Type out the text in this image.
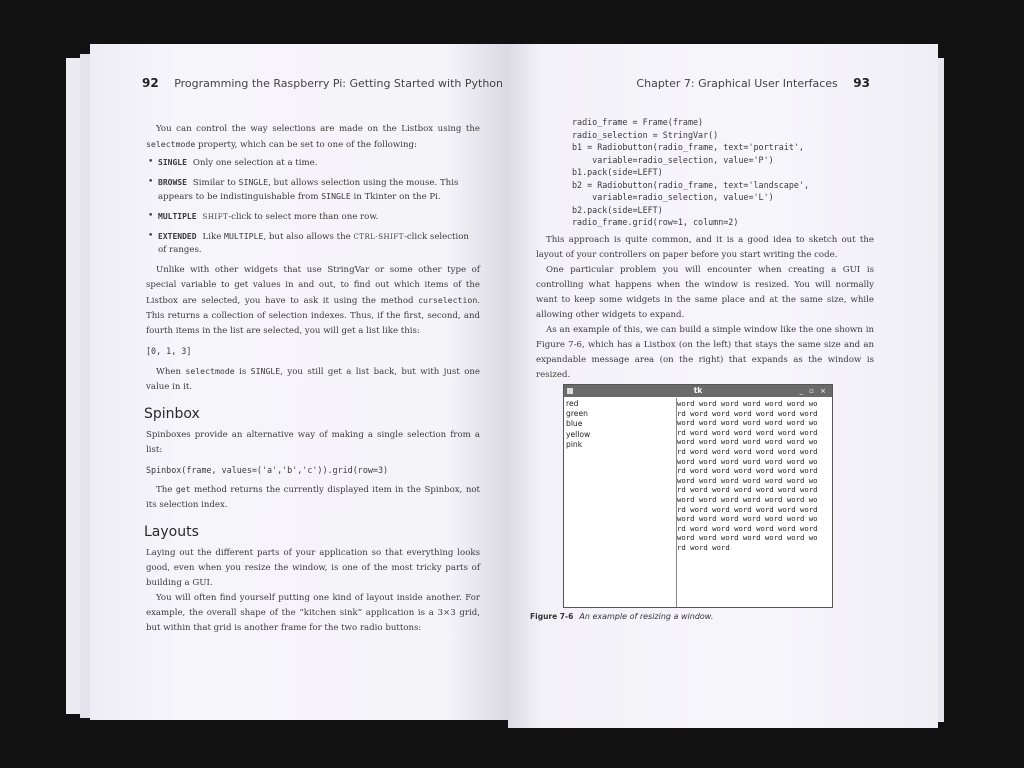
92 Programming the Raspberry Pi: Getting Started with Python

You can control the way selections are made on the Listbox using the selectmode property, which can be set to one of the following:

• SINGLE Only one selection at a time.
• BROWSE Similar to SINGLE, but allows selection using the mouse. This appears to be indistinguishable from SINGLE in Tkinter on the Pi.
• MULTIPLE SHIFT-click to select more than one row.
• EXTENDED Like MULTIPLE, but also allows the CTRL-SHIFT-click selection of ranges.

Unlike with other widgets that use StringVar or some other type of special variable to get values in and out, to find out which items of the Listbox are selected, you have to ask it using the method curselection. This returns a collection of selection indexes. Thus, if the first, second, and fourth items in the list are selected, you will get a list like this:

[0, 1, 3]

When selectmode is SINGLE, you still get a list back, but with just one value in it.

Spinbox

Spinboxes provide an alternative way of making a single selection from a list:

Spinbox(frame, values=('a','b','c')).grid(row=3)

The get method returns the currently displayed item in the Spinbox, not its selection index.

Layouts

Laying out the different parts of your application so that everything looks good, even when you resize the window, is one of the most tricky parts of building a GUI.

You will often find yourself putting one kind of layout inside another. For example, the overall shape of the “kitchen sink” application is a 3×3 grid, but within that grid is another frame for the two radio buttons:

Chapter 7: Graphical User Interfaces 93
radio_frame = Frame(frame)
radio_selection = StringVar()
b1 = Radiobutton(radio_frame, text='portrait',
variable=radio_selection, value='P')
b1.pack(side=LEFT)
b2 = Radiobutton(radio_frame, text='landscape',
variable=radio_selection, value='L')
b2.pack(side=LEFT)
radio_frame.grid(row=1, column=2)

This approach is quite common, and it is a good idea to sketch out the layout of your controllers on paper before you start writing the code.

One particular problem you will encounter when creating a GUI is controlling what happens when the window is resized. You will normally want to keep some widgets in the same place and at the same size, while allowing other widgets to expand.

As an example of this, we can build a simple window like the one shown in Figure 7-6, which has a Listbox (on the left) that stays the same size and an expandable message area (on the right) that expands as the window is resized.

tk	_ ▫ ×
red
green
blue
yellow
pink
word word word word word word wo
rd word word word word word word
word word word word word word wo
rd word word word word word word
word word word word word word wo
rd word word word word word word
word word word word word word wo
rd word word word word word word
word word word word word word wo
rd word word word word word word
word word word word word word wo
rd word word word word word word
word word word word word word wo
rd word word word word word word
word word word word word word wo
rd word word
Figure 7-6 An example of resizing a window.
